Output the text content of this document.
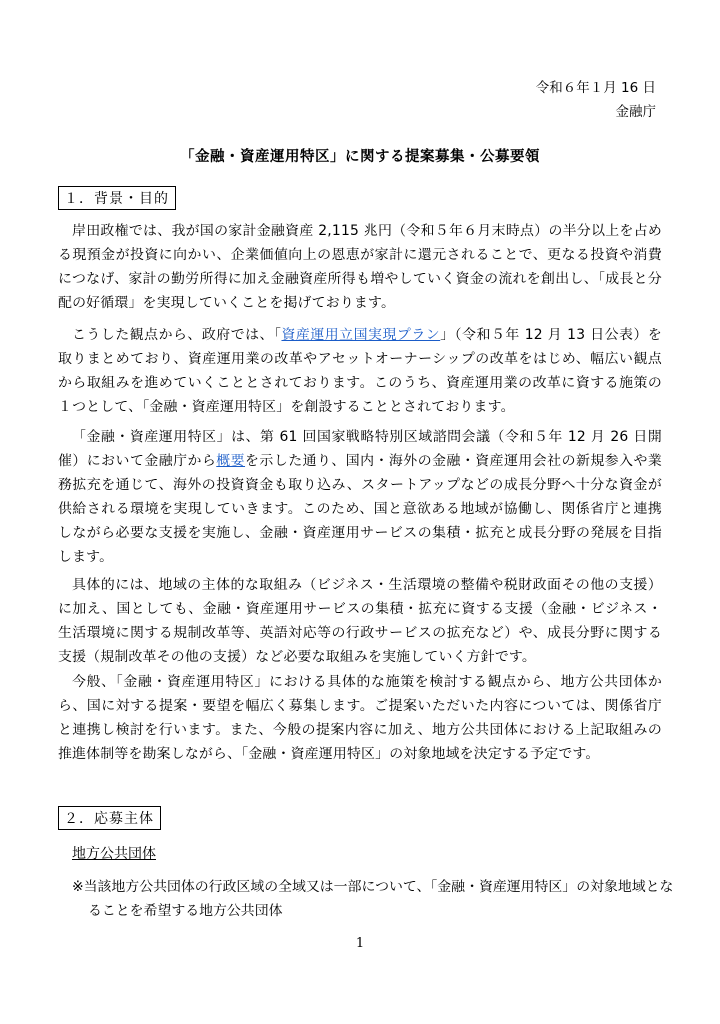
令和６年１月 16 日
金融庁
「金融・資産運用特区」に関する提案募集・公募要領
１．背景・目的

岸田政権では、我が国の家計金融資産 2,115 兆円（令和５年６月末時点）の半分以上を占める現預金が投資に向かい、企業価値向上の恩恵が家計に還元されることで、更なる投資や消費につなげ、家計の勤労所得に加え金融資産所得も増やしていく資金の流れを創出し、「成長と分配の好循環」を実現していくことを掲げております。

こうした観点から、政府では、「資産運用立国実現プラン」（令和５年 12 月 13 日公表）を取りまとめており、資産運用業の改革やアセットオーナーシップの改革をはじめ、幅広い観点から取組みを進めていくこととされております。このうち、資産運用業の改革に資する施策の１つとして、「金融・資産運用特区」を創設することとされております。

「金融・資産運用特区」は、第 61 回国家戦略特別区域諮問会議（令和５年 12 月 26 日開催）において金融庁から概要を示した通り、国内・海外の金融・資産運用会社の新規参入や業務拡充を通じて、海外の投資資金も取り込み、スタートアップなどの成長分野へ十分な資金が供給される環境を実現していきます。このため、国と意欲ある地域が協働し、関係省庁と連携しながら必要な支援を実施し、金融・資産運用サービスの集積・拡充と成長分野の発展を目指します。

具体的には、地域の主体的な取組み（ビジネス・生活環境の整備や税財政面その他の支援）に加え、国としても、金融・資産運用サービスの集積・拡充に資する支援（金融・ビジネス・生活環境に関する規制改革等、英語対応等の行政サービスの拡充など）や、成長分野に関する支援（規制改革その他の支援）など必要な取組みを実施していく方針です。

今般、「金融・資産運用特区」における具体的な施策を検討する観点から、地方公共団体から、国に対する提案・要望を幅広く募集します。ご提案いただいた内容については、関係省庁と連携し検討を行います。また、今般の提案内容に加え、地方公共団体における上記取組みの推進体制等を勘案しながら、「金融・資産運用特区」の対象地域を決定する予定です。

２．応募主体
地方公共団体

※当該地方公共団体の行政区域の全域又は一部について、「金融・資産運用特区」の対象地域となることを希望する地方公共団体

1
